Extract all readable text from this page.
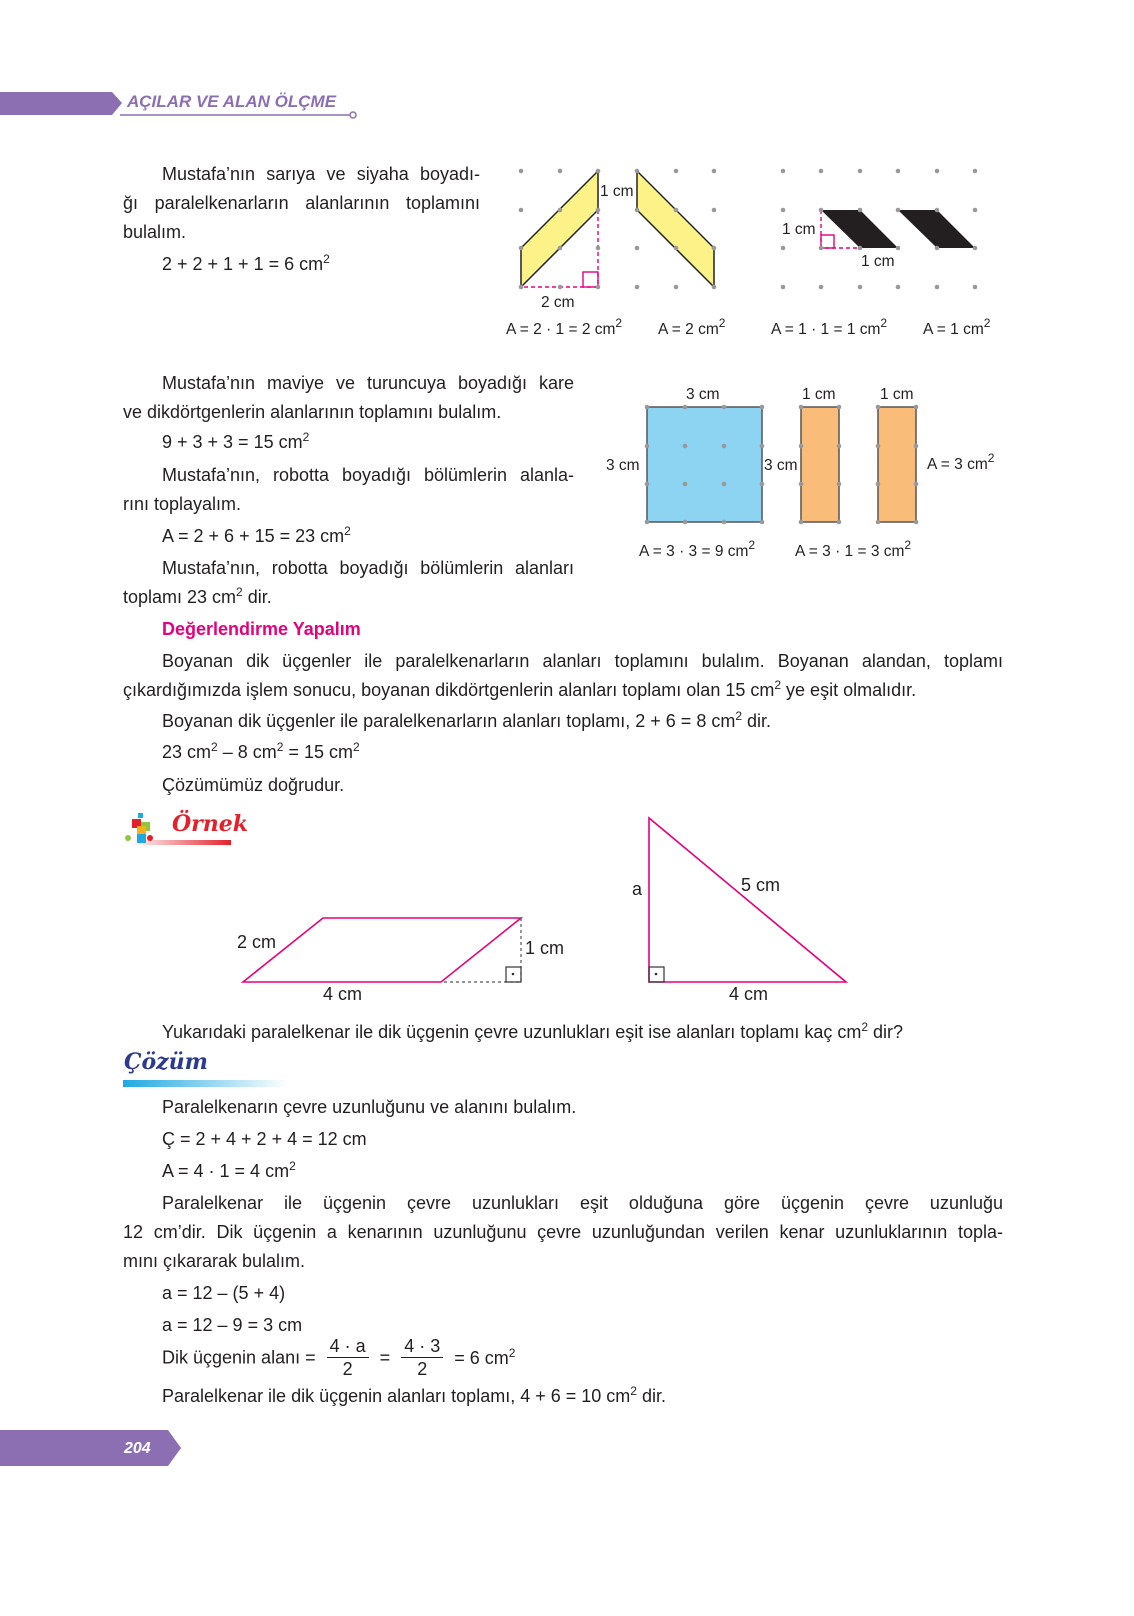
AÇILAR VE ALAN ÖLÇME
Mustafa’nın sarıya ve siyaha boyadı-
ğı paralelkenarların alanlarının toplamını
bulalım.
2 + 2 + 1 + 1 = 6 $cm^2$
1 cm
2 cm
A = 2 · 1 = 2 $cm^2$ A = 2 $cm^2$
1 cm
1 cm
A = 1 · 1 = 1 $cm^2$ A = 1 $cm^2$
Mustafa’nın maviye ve turuncuya boyadığı kare
ve dikdörtgenlerin alanlarının toplamını bulalım.
9 + 3 + 3 = 15 $cm^2$
Mustafa’nın, robotta boyadığı bölümlerin alanla-
rını toplayalım.
A = 2 + 6 + 15 = 23 $cm^2$
Mustafa’nın, robotta boyadığı bölümlerin alanları
toplamı 23 $cm^2$ dir.
3 cm
3 cm
1 cm
3 cm
1 cm
A = 3 $cm^2$
A = 3 · 3 = 9 $cm^2$	A = 3 · 1 = 3 $cm^2$
Değerlendirme Yapalım
Boyanan dik üçgenler ile paralelkenarların alanları toplamını bulalım. Boyanan alandan, toplamı
çıkardığımızda işlem sonucu, boyanan dikdörtgenlerin alanları toplamı olan 15 $cm^2$ ye eşit olmalıdır.
Boyanan dik üçgenler ile paralelkenarların alanları toplamı, 2 + 6 = 8 $cm^2$ dir.
23 $cm^2 - 8$ $cm^2 = 15$ $cm^2$
Çözümümüz doğrudur.
Örnek
2 cm	1 cm
4 cm
a	5 cm
4 cm
Yukarıdaki paralelkenar ile dik üçgenin çevre uzunlukları eşit ise alanları toplamı kaç $cm^2$ dir?
Çözüm
Paralelkenarın çevre uzunluğunu ve alanını bulalım.
Ç = 2 + 4 + 2 + 4 = 12 cm
A = 4 · 1 = 4 $cm^2$
Paralelkenar ile üçgenin çevre uzunlukları eşit olduğuna göre üçgenin çevre uzunluğu
12 cm’dir. Dik üçgenin a kenarının uzunluğunu çevre uzunluğundan verilen kenar uzunluklarının topla-
mını çıkararak bulalım.
a = 12 – (5 + 4)
a = 12 – 9 = 3 cm
Dik üçgenin alanı = $\frac{4 \cdot a}{2} = \frac{4 \cdot 3}{2} = 6$ $cm^2$
Paralelkenar ile dik üçgenin alanları toplamı, 4 + 6 = 10 $cm^2$ dir.
204
